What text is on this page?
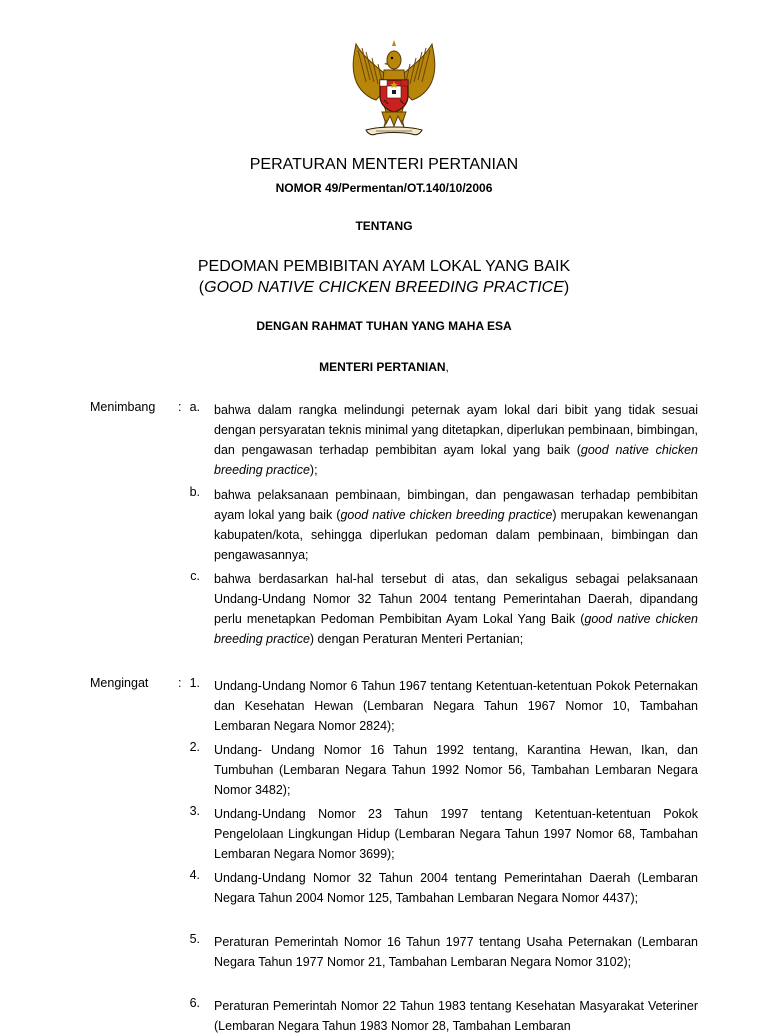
PERATURAN MENTERI PERTANIAN
NOMOR 49/Permentan/OT.140/10/2006
TENTANG
PEDOMAN PEMBIBITAN AYAM LOKAL YANG BAIK
(GOOD NATIVE CHICKEN BREEDING PRACTICE)
DENGAN RAHMAT TUHAN YANG MAHA ESA
MENTERI PERTANIAN,
Menimbang : a. bahwa dalam rangka melindungi peternak ayam lokal dari bibit yang tidak sesuai dengan persyaratan teknis minimal yang ditetapkan, diperlukan pembinaan, bimbingan, dan pengawasan terhadap pembibitan ayam lokal yang baik (good native chicken breeding practice);
b. bahwa pelaksanaan pembinaan, bimbingan, dan pengawasan terhadap pembibitan ayam lokal yang baik (good native chicken breeding practice) merupakan kewenangan kabupaten/kota, sehingga diperlukan pedoman dalam pembinaan, bimbingan dan pengawasannya;
c. bahwa berdasarkan hal-hal tersebut di atas, dan sekaligus sebagai pelaksanaan Undang-Undang Nomor 32 Tahun 2004 tentang Pemerintahan Daerah, dipandang perlu menetapkan Pedoman Pembibitan Ayam Lokal Yang Baik (good native chicken breeding practice) dengan Peraturan Menteri Pertanian;
Mengingat : 1. Undang-Undang Nomor 6 Tahun 1967 tentang Ketentuan-ketentuan Pokok Peternakan dan Kesehatan Hewan (Lembaran Negara Tahun 1967 Nomor 10, Tambahan Lembaran Negara Nomor 2824);
2. Undang- Undang Nomor 16 Tahun 1992 tentang, Karantina Hewan, Ikan, dan Tumbuhan (Lembaran Negara Tahun 1992 Nomor 56, Tambahan Lembaran Negara Nomor 3482);
3. Undang-Undang Nomor 23 Tahun 1997 tentang Ketentuan-ketentuan Pokok Pengelolaan Lingkungan Hidup (Lembaran Negara Tahun 1997 Nomor 68, Tambahan Lembaran Negara Nomor 3699);
4. Undang-Undang Nomor 32 Tahun 2004 tentang Pemerintahan Daerah (Lembaran Negara Tahun 2004 Nomor 125, Tambahan Lembaran Negara Nomor 4437);
5. Peraturan Pemerintah Nomor 16 Tahun 1977 tentang Usaha Peternakan (Lembaran Negara Tahun 1977 Nomor 21, Tambahan Lembaran Negara Nomor 3102);
6. Peraturan Pemerintah Nomor 22 Tahun 1983 tentang Kesehatan Masyarakat Veteriner (Lembaran Negara Tahun 1983 Nomor 28, Tambahan Lembaran
